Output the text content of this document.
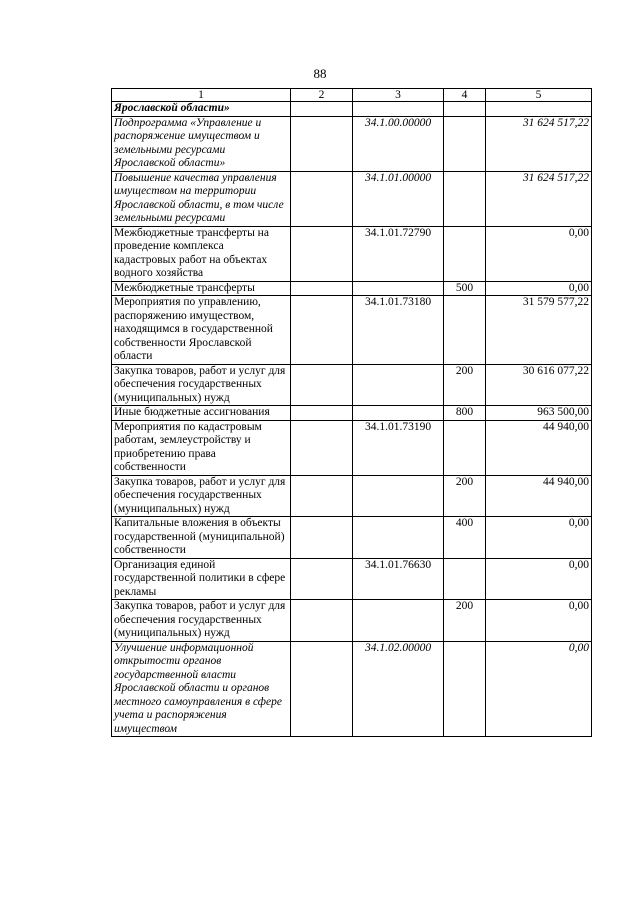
88
1	2	3	4	5
Ярославской области»				
Подпрограмма «Управление и распоряжение имуществом и земельными ресурсами Ярославской области»		34.1.00.00000		31 624 517,22
Повышение качества управления имуществом на территории Ярославской области, в том числе земельными ресурсами		34.1.01.00000		31 624 517,22
Межбюджетные трансферты на проведение комплекса кадастровых работ на объектах водного хозяйства		34.1.01.72790		0,00
Межбюджетные трансферты			500	0,00
Мероприятия по управлению, распоряжению имуществом, находящимся в государственной собственности Ярославской области		34.1.01.73180		31 579 577,22
Закупка товаров, работ и услуг для обеспечения государственных (муниципальных) нужд			200	30 616 077,22
Иные бюджетные ассигнования			800	963 500,00
Мероприятия по кадастровым работам, землеустройству и приобретению права собственности		34.1.01.73190		44 940,00
Закупка товаров, работ и услуг для обеспечения государственных (муниципальных) нужд			200	44 940,00
Капитальные вложения в объекты государственной (муниципальной) собственности			400	0,00
Организация единой государственной политики в сфере рекламы		34.1.01.76630		0,00
Закупка товаров, работ и услуг для обеспечения государственных (муниципальных) нужд			200	0,00
Улучшение информационной открытости органов государственной власти Ярославской области и органов местного самоуправления в сфере учета и распоряжения имуществом		34.1.02.00000		0,00
